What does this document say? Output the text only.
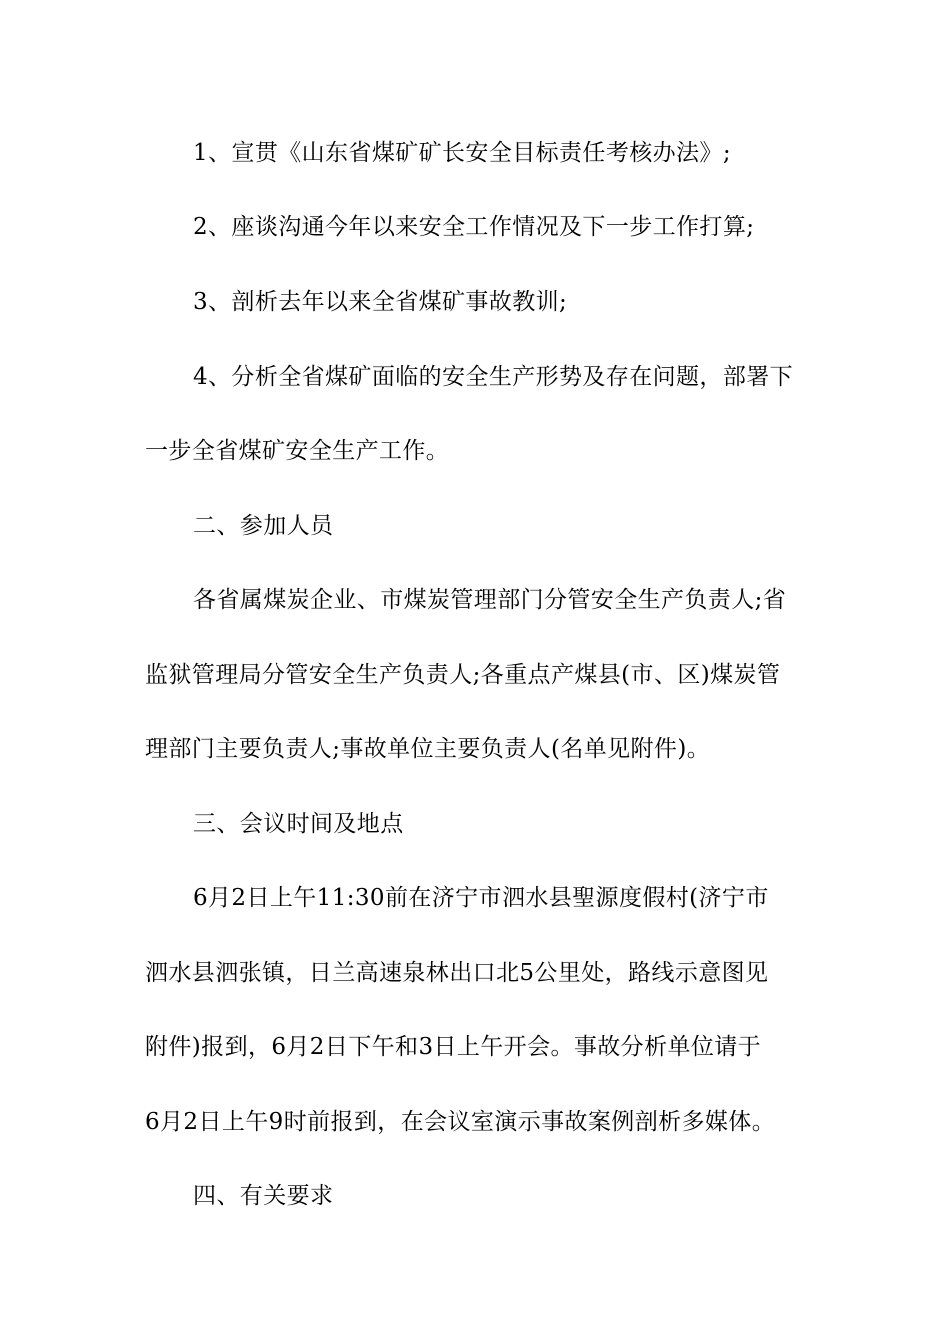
1、宣贯《山东省煤矿矿长安全目标责任考核办法》;
2、座谈沟通今年以来安全工作情况及下一步工作打算;
3、剖析去年以来全省煤矿事故教训;
4、分析全省煤矿面临的安全生产形势及存在问题，部署下
一步全省煤矿安全生产工作。
二、参加人员
各省属煤炭企业、市煤炭管理部门分管安全生产负责人;省
监狱管理局分管安全生产负责人;各重点产煤县(市、区)煤炭管
理部门主要负责人;事故单位主要负责人(名单见附件)。
三、会议时间及地点
6月2日上午11:30前在济宁市泗水县聖源度假村(济宁市
泗水县泗张镇，日兰高速泉林出口北5公里处，路线示意图见
附件)报到，6月2日下午和3日上午开会。事故分析单位请于
6月2日上午9时前报到，在会议室演示事故案例剖析多媒体。
四、有关要求
